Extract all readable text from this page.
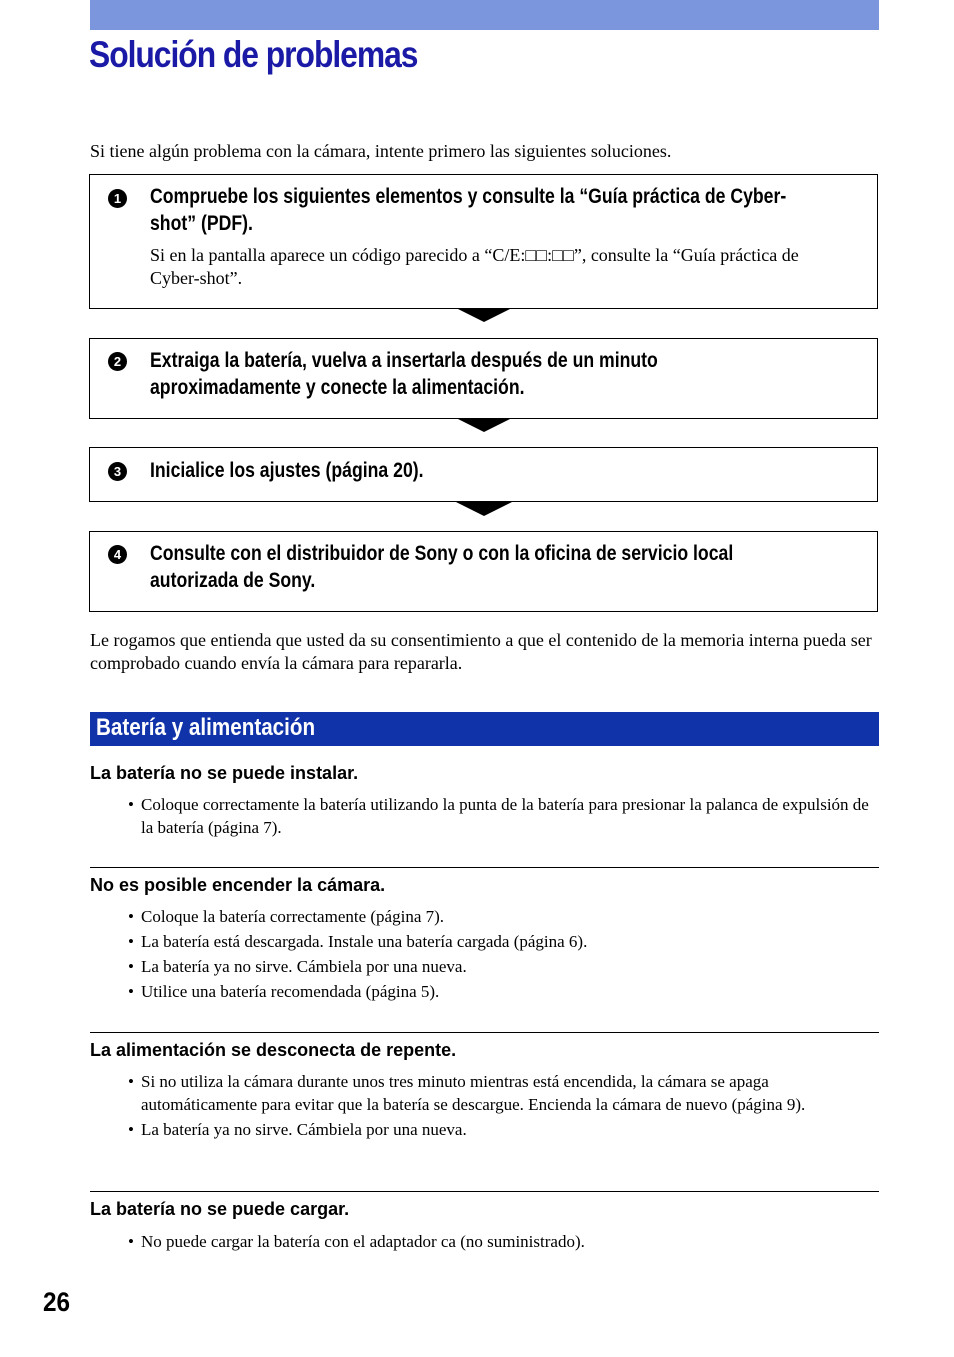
Solución de problemas
Si tiene algún problema con la cámara, intente primero las siguientes soluciones.
1 Compruebe los siguientes elementos y consulte la “Guía práctica de Cyber-
shot” (PDF).

Si en la pantalla aparece un código parecido a “C/E:□□:□□”, consulte la “Guía práctica de Cyber-shot”.
2 Extraiga la batería, vuelva a insertarla después de un minuto
aproximadamente y conecte la alimentación.

3 Inicialice los ajustes (página 20).

4 Consulte con el distribuidor de Sony o con la oficina de servicio local
autorizada de Sony.

Le rogamos que entienda que usted da su consentimiento a que el contenido de la memoria interna pueda ser comprobado cuando envía la cámara para repararla.
Batería y alimentación
La batería no se puede instalar.
• Coloque correctamente la batería utilizando la punta de la batería para presionar la palanca de expulsión de la batería (página 7).
No es posible encender la cámara.
• Coloque la batería correctamente (página 7).
• La batería está descargada. Instale una batería cargada (página 6).
• La batería ya no sirve. Cámbiela por una nueva.
• Utilice una batería recomendada (página 5).
La alimentación se desconecta de repente.
• Si no utiliza la cámara durante unos tres minuto mientras está encendida, la cámara se apaga automáticamente para evitar que la batería se descargue. Encienda la cámara de nuevo (página 9).
• La batería ya no sirve. Cámbiela por una nueva.
La batería no se puede cargar.
• No puede cargar la batería con el adaptador ca (no suministrado).
26
